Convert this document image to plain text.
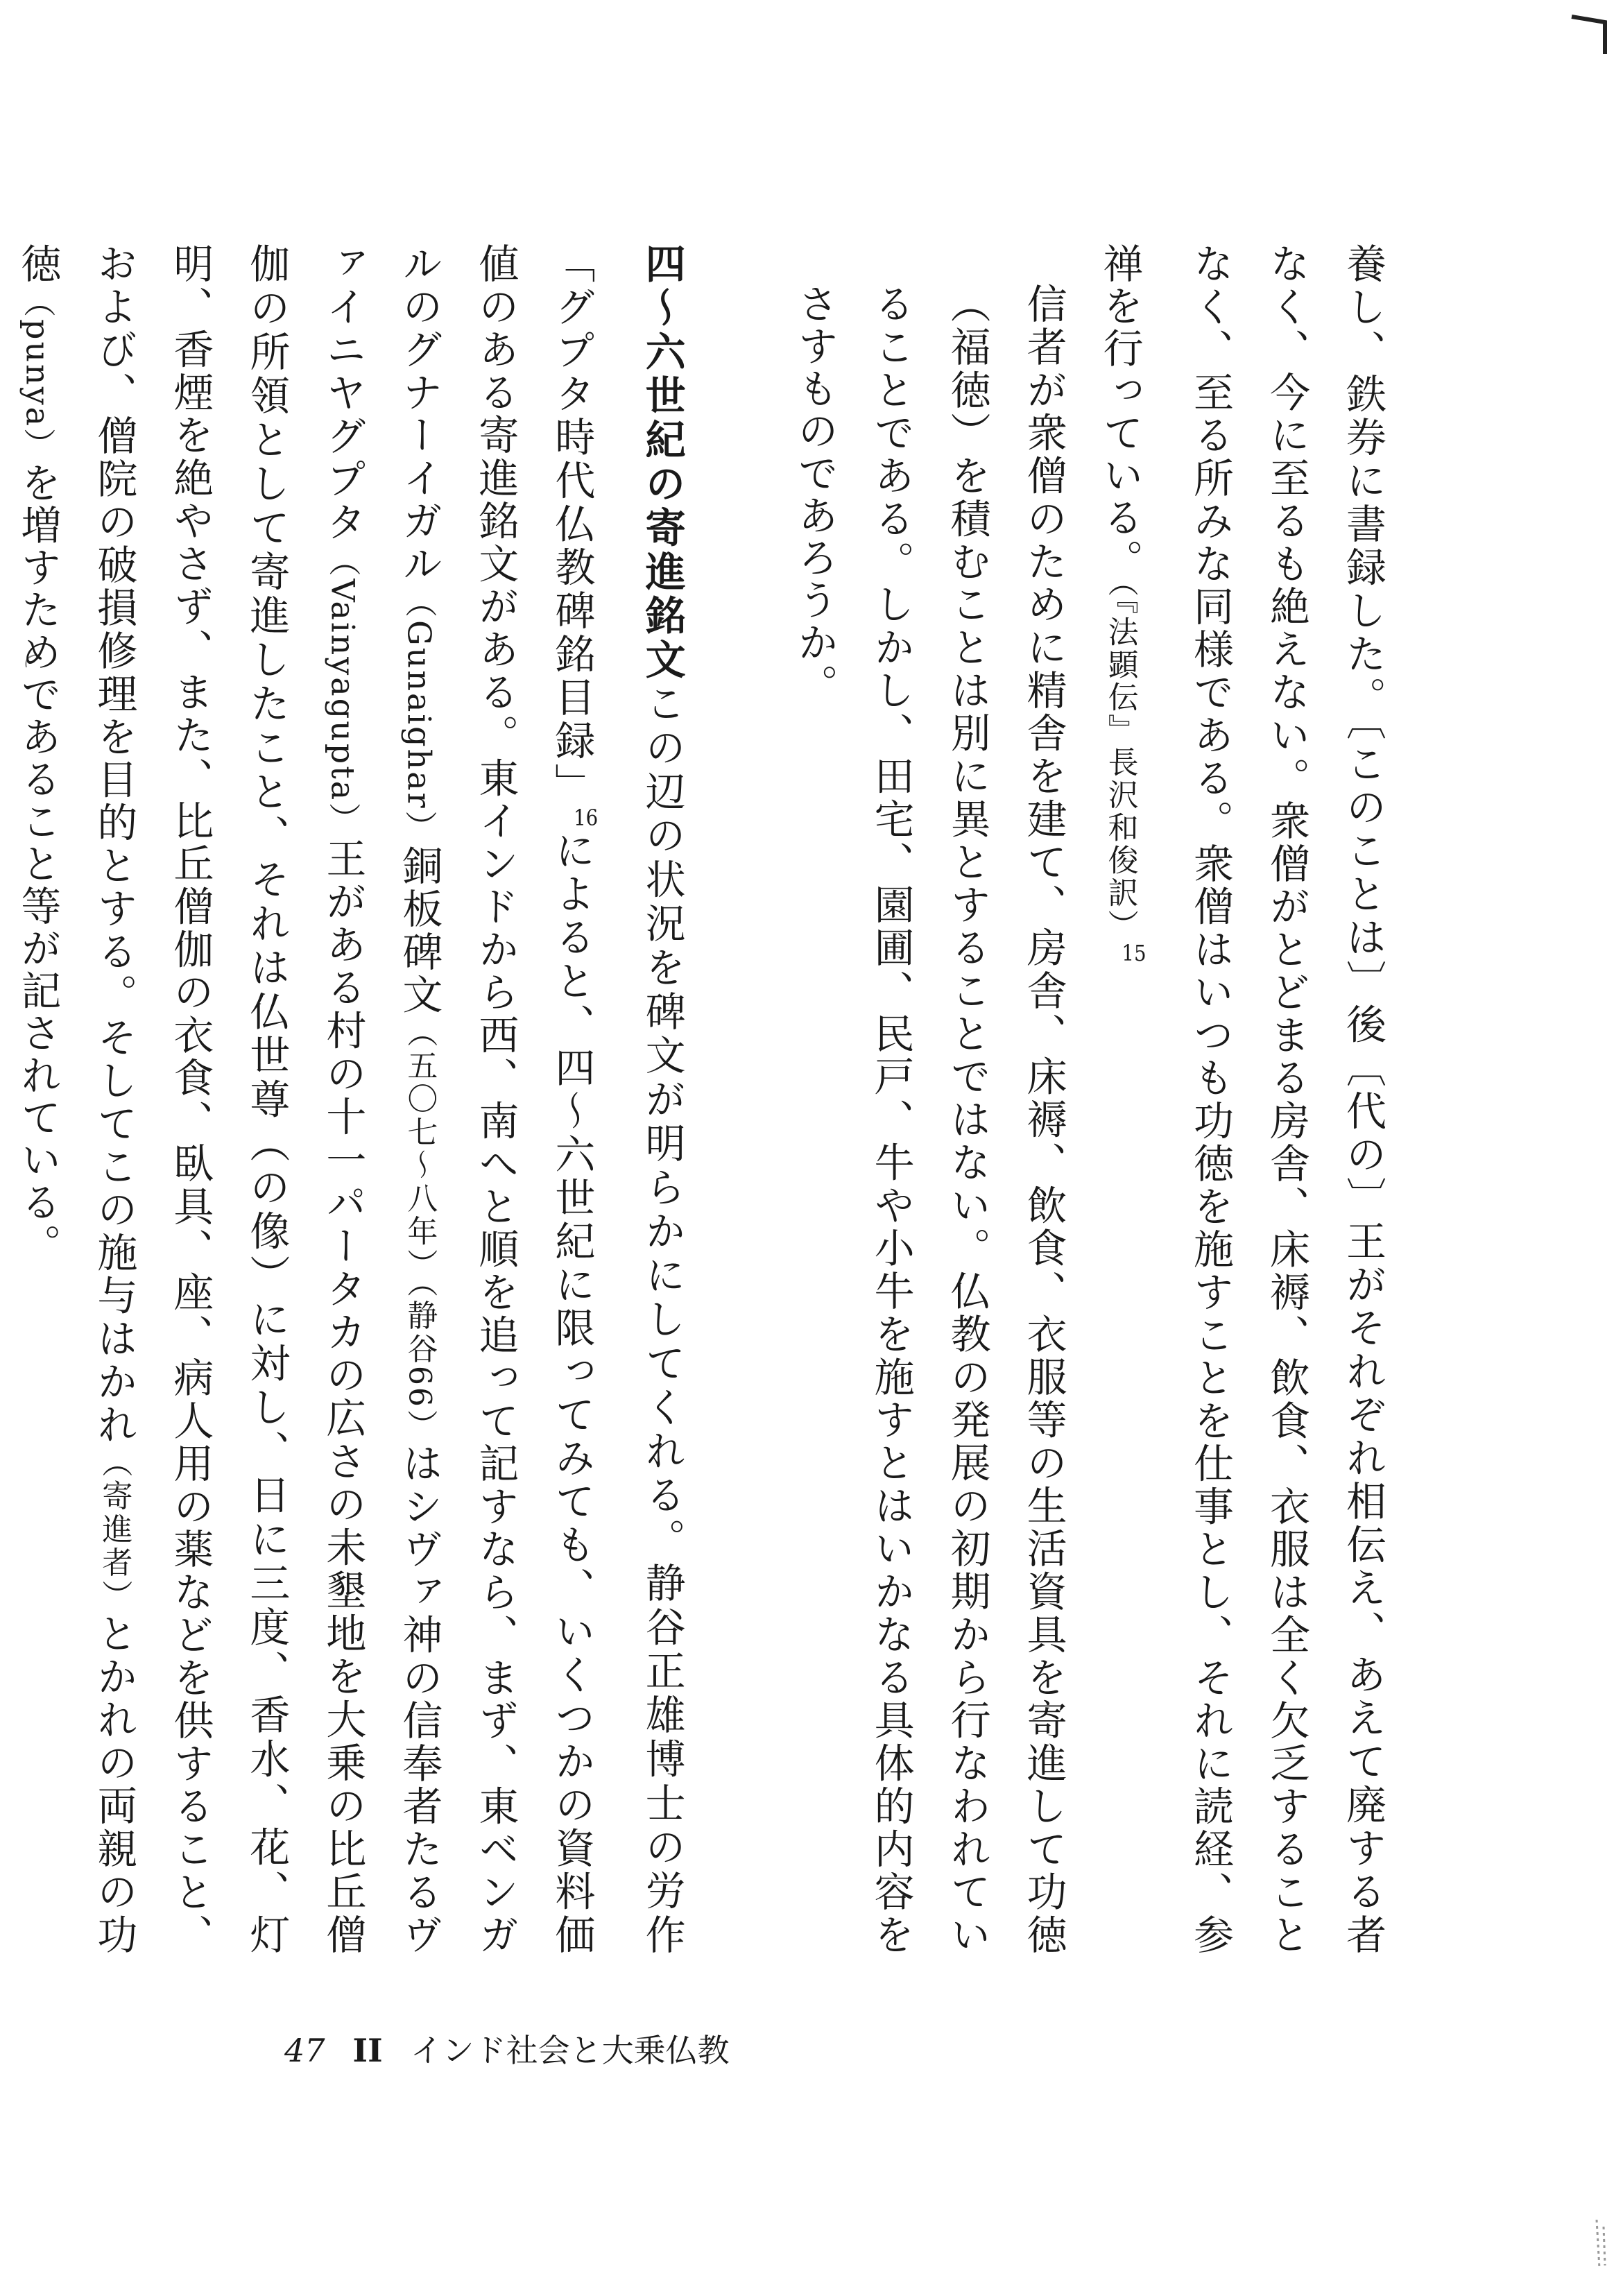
養し、鉄券に書録した。〔このことは〕後〔代の〕王がそれぞれ相伝え、あえて廃する者なく、今に至るも絶えない。衆僧がとどまる房舎、床褥、飲食、衣服は全く欠乏することなく、至る所みな同様である。衆僧はいつも功徳を施すことを仕事とし、それに読経、参禅を行っている。（『法顕伝』長沢和俊訳）$^{15}$

信者が衆僧のために精舎を建て、房舎、床褥、飲食、衣服等の生活資具を寄進して功徳（福徳）を積むことは別に異とすることではない。仏教の発展の初期から行なわれていることである。しかし、田宅、園圃、民戸、牛や小牛を施すとはいかなる具体的内容をさすものであろうか。

四〜六世紀の寄進銘文この辺の状況を碑文が明らかにしてくれる。静谷正雄博士の労作「グプタ時代仏教碑銘目録」$^{16}$によると、四〜六世紀に限ってみても、いくつかの資料価値のある寄進銘文がある。東インドから西、南へと順を追って記すなら、まず、東ベンガルのグナーイガル（Gunaighar）銅板碑文（五〇七〜八年）（静谷66）はシヴァ神の信奉者たるヴァイニヤグプタ（Vainyagupta）王がある村の十一パータカの広さの未墾地を大乗の比丘僧伽の所領として寄進したこと、それは仏世尊（の像）に対し、日に三度、香水、花、灯明、香煙を絶やさず、また、比丘僧伽の衣食、臥具、座、病人用の薬などを供すること、および、僧院の破損修理を目的とする。そしてこの施与はかれ（寄進者）とかれの両親の功徳（punya）を増すためであること等が記されている。

47 II インド社会と大乗仏教
